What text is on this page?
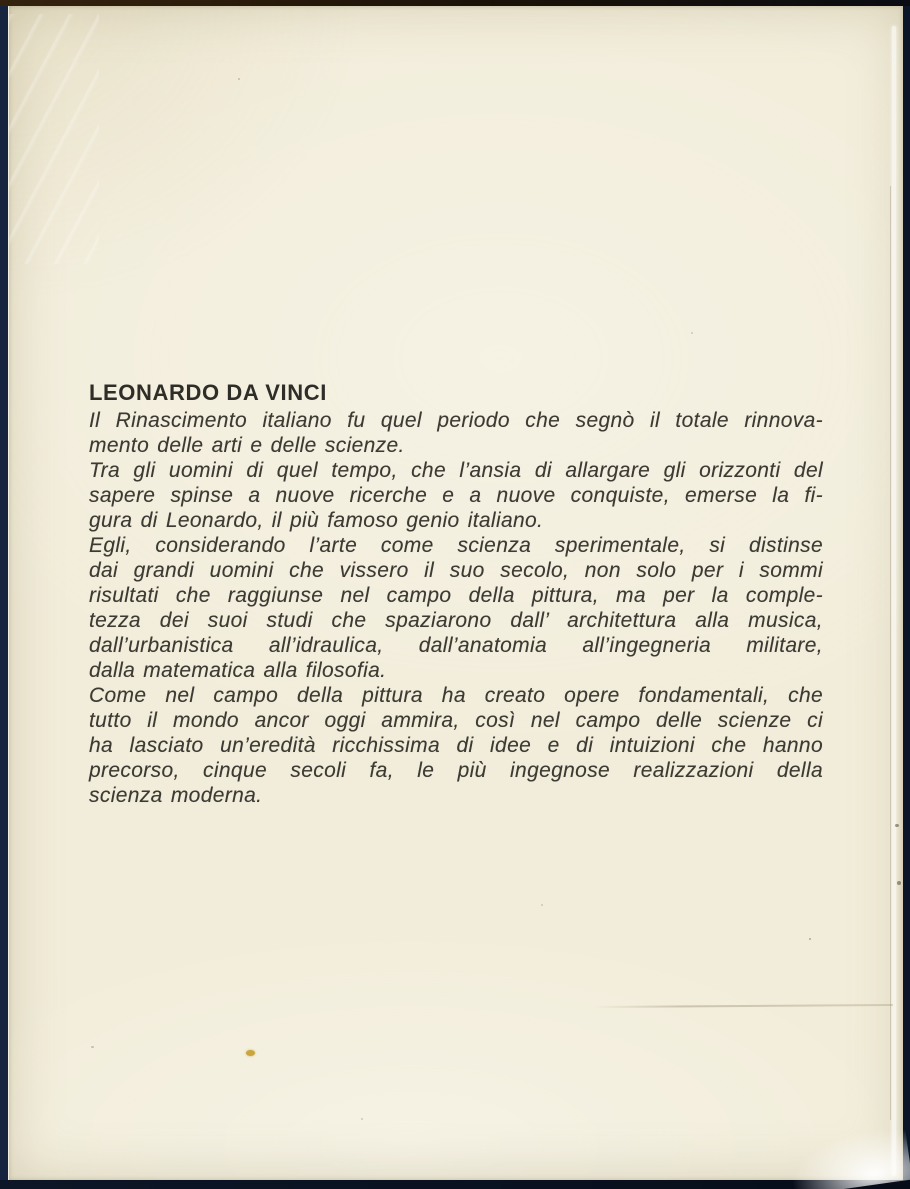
LEONARDO DA VINCI
Il Rinascimento italiano fu quel periodo che segnò il totale rinnova-
mento delle arti e delle scienze.
Tra gli uomini di quel tempo, che l’ansia di allargare gli orizzonti del
sapere spinse a nuove ricerche e a nuove conquiste, emerse la fi-
gura di Leonardo, il più famoso genio italiano.
Egli, considerando l’arte come scienza sperimentale, si distinse
dai grandi uomini che vissero il suo secolo, non solo per i sommi
risultati che raggiunse nel campo della pittura, ma per la comple-
tezza dei suoi studi che spaziarono dall’ architettura alla musica,
dall’urbanistica all’idraulica, dall’anatomia all’ingegneria militare,
dalla matematica alla filosofia.
Come nel campo della pittura ha creato opere fondamentali, che
tutto il mondo ancor oggi ammira, così nel campo delle scienze ci
ha lasciato un’eredità ricchissima di idee e di intuizioni che hanno
precorso, cinque secoli fa, le più ingegnose realizzazioni della
scienza moderna.
